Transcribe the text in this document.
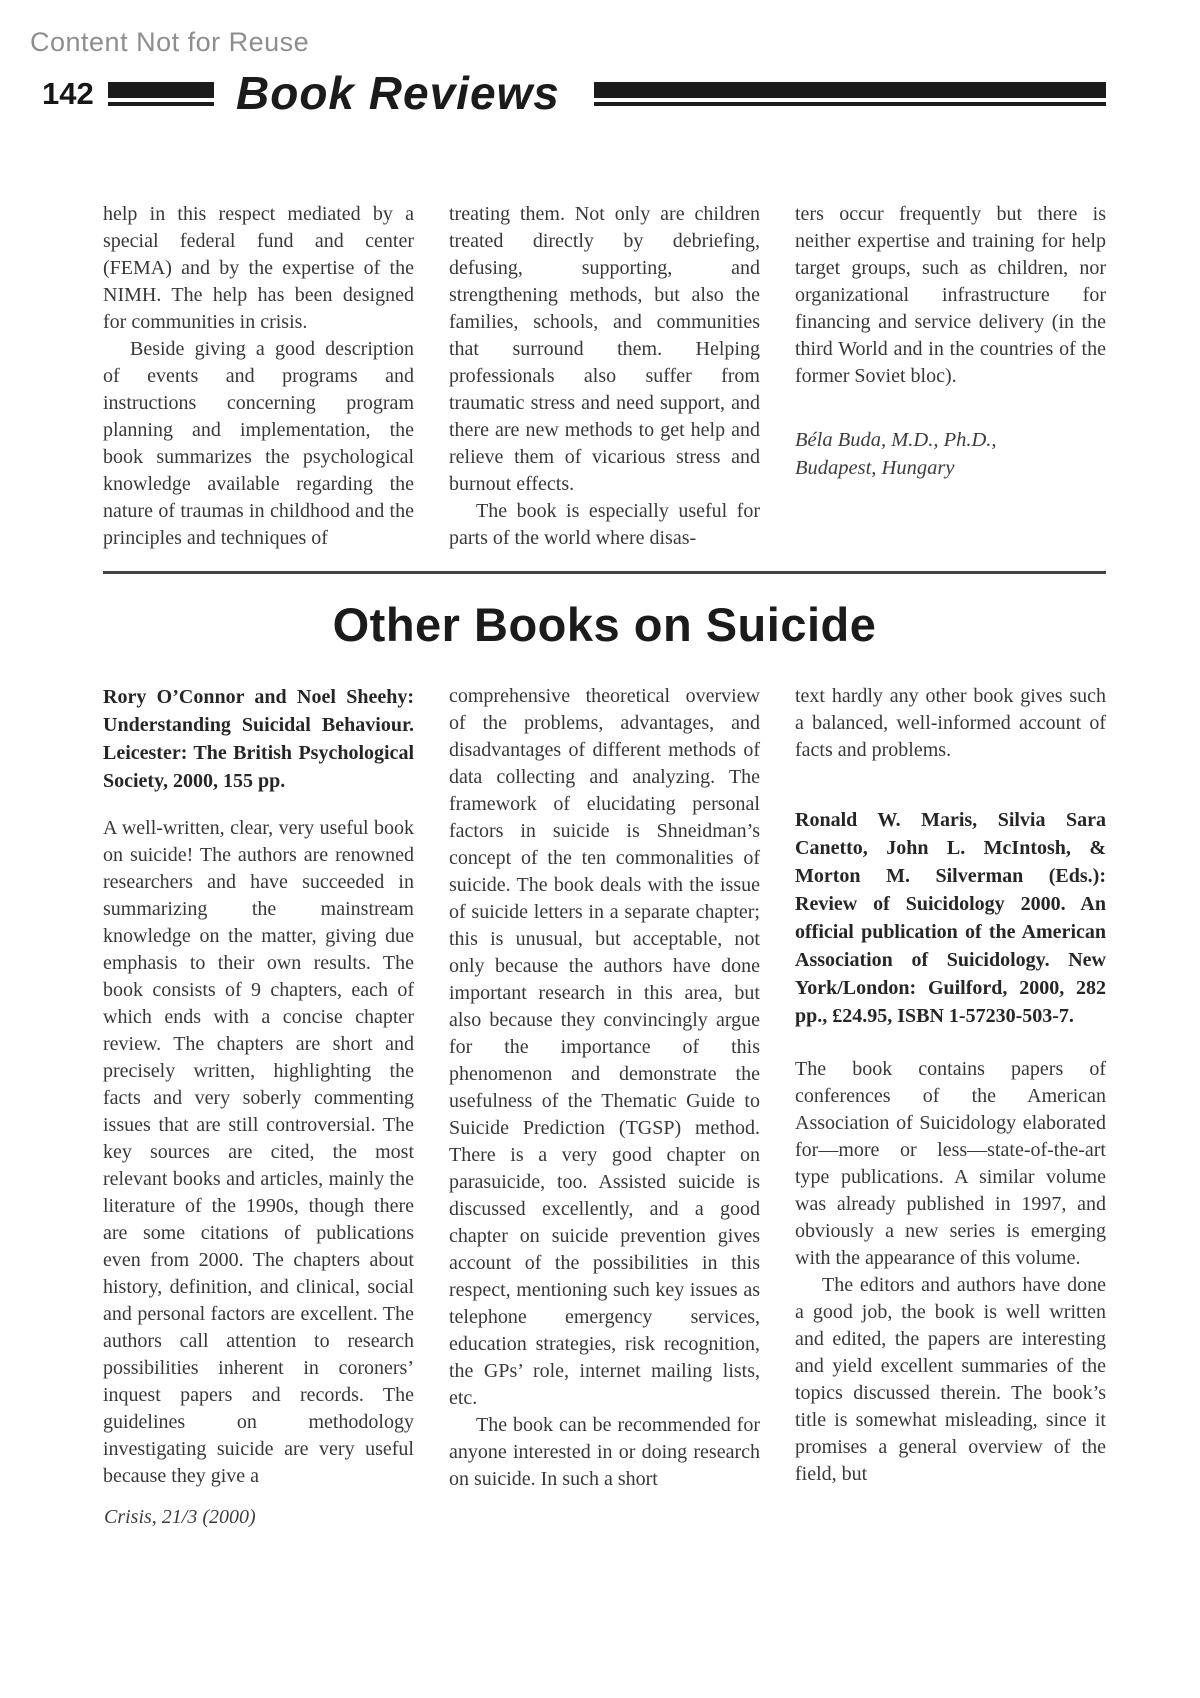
Content Not for Reuse
142	Book Reviews

help in this respect mediated by a special federal fund and center (FEMA) and by the expertise of the NIMH. The help has been designed for communities in crisis.

Beside giving a good description of events and programs and instructions concerning program planning and implementation, the book summarizes the psychological knowledge available regarding the nature of traumas in childhood and the principles and techniques of

treating them. Not only are children treated directly by debriefing, defusing, supporting, and strengthening methods, but also the families, schools, and communities that surround them. Helping professionals also suffer from traumatic stress and need support, and there are new methods to get help and relieve them of vicarious stress and burnout effects.

The book is especially useful for parts of the world where disas-

ters occur frequently but there is neither expertise and training for help target groups, such as children, nor organizational infrastructure for financing and service delivery (in the third World and in the countries of the former Soviet bloc).

Béla Buda, M.D., Ph.D.,
Budapest, Hungary
Other Books on Suicide

Rory O’Connor and Noel Sheehy: Understanding Suicidal Behaviour. Leicester: The British Psychological Society, 2000, 155 pp.

A well-written, clear, very useful book on suicide! The authors are renowned researchers and have succeeded in summarizing the mainstream knowledge on the matter, giving due emphasis to their own results. The book consists of 9 chapters, each of which ends with a concise chapter review. The chapters are short and precisely written, highlighting the facts and very soberly commenting issues that are still controversial. The key sources are cited, the most relevant books and articles, mainly the literature of the 1990s, though there are some citations of publications even from 2000. The chapters about history, definition, and clinical, social and personal factors are excellent. The authors call attention to research possibilities inherent in coroners’ inquest papers and records. The guidelines on methodology investigating suicide are very useful because they give a

comprehensive theoretical overview of the problems, advantages, and disadvantages of different methods of data collecting and analyzing. The framework of elucidating personal factors in suicide is Shneidman’s concept of the ten commonalities of suicide. The book deals with the issue of suicide letters in a separate chapter; this is unusual, but acceptable, not only because the authors have done important research in this area, but also because they convincingly argue for the importance of this phenomenon and demonstrate the usefulness of the Thematic Guide to Suicide Prediction (TGSP) method. There is a very good chapter on parasuicide, too. Assisted suicide is discussed excellently, and a good chapter on suicide prevention gives account of the possibilities in this respect, mentioning such key issues as telephone emergency services, education strategies, risk recognition, the GPs’ role, internet mailing lists, etc.

The book can be recommended for anyone interested in or doing research on suicide. In such a short

text hardly any other book gives such a balanced, well-informed account of facts and problems.

Ronald W. Maris, Silvia Sara Canetto, John L. McIntosh, & Morton M. Silverman (Eds.): Review of Suicidology 2000. An official publication of the American Association of Suicidology. New York/London: Guilford, 2000, 282 pp., £24.95, ISBN 1-57230-503-7.

The book contains papers of conferences of the American Association of Suicidology elaborated for—more or less—state-of-the-art type publications. A similar volume was already published in 1997, and obviously a new series is emerging with the appearance of this volume.

The editors and authors have done a good job, the book is well written and edited, the papers are interesting and yield excellent summaries of the topics discussed therein. The book’s title is somewhat misleading, since it promises a general overview of the field, but

Crisis, 21/3 (2000)
